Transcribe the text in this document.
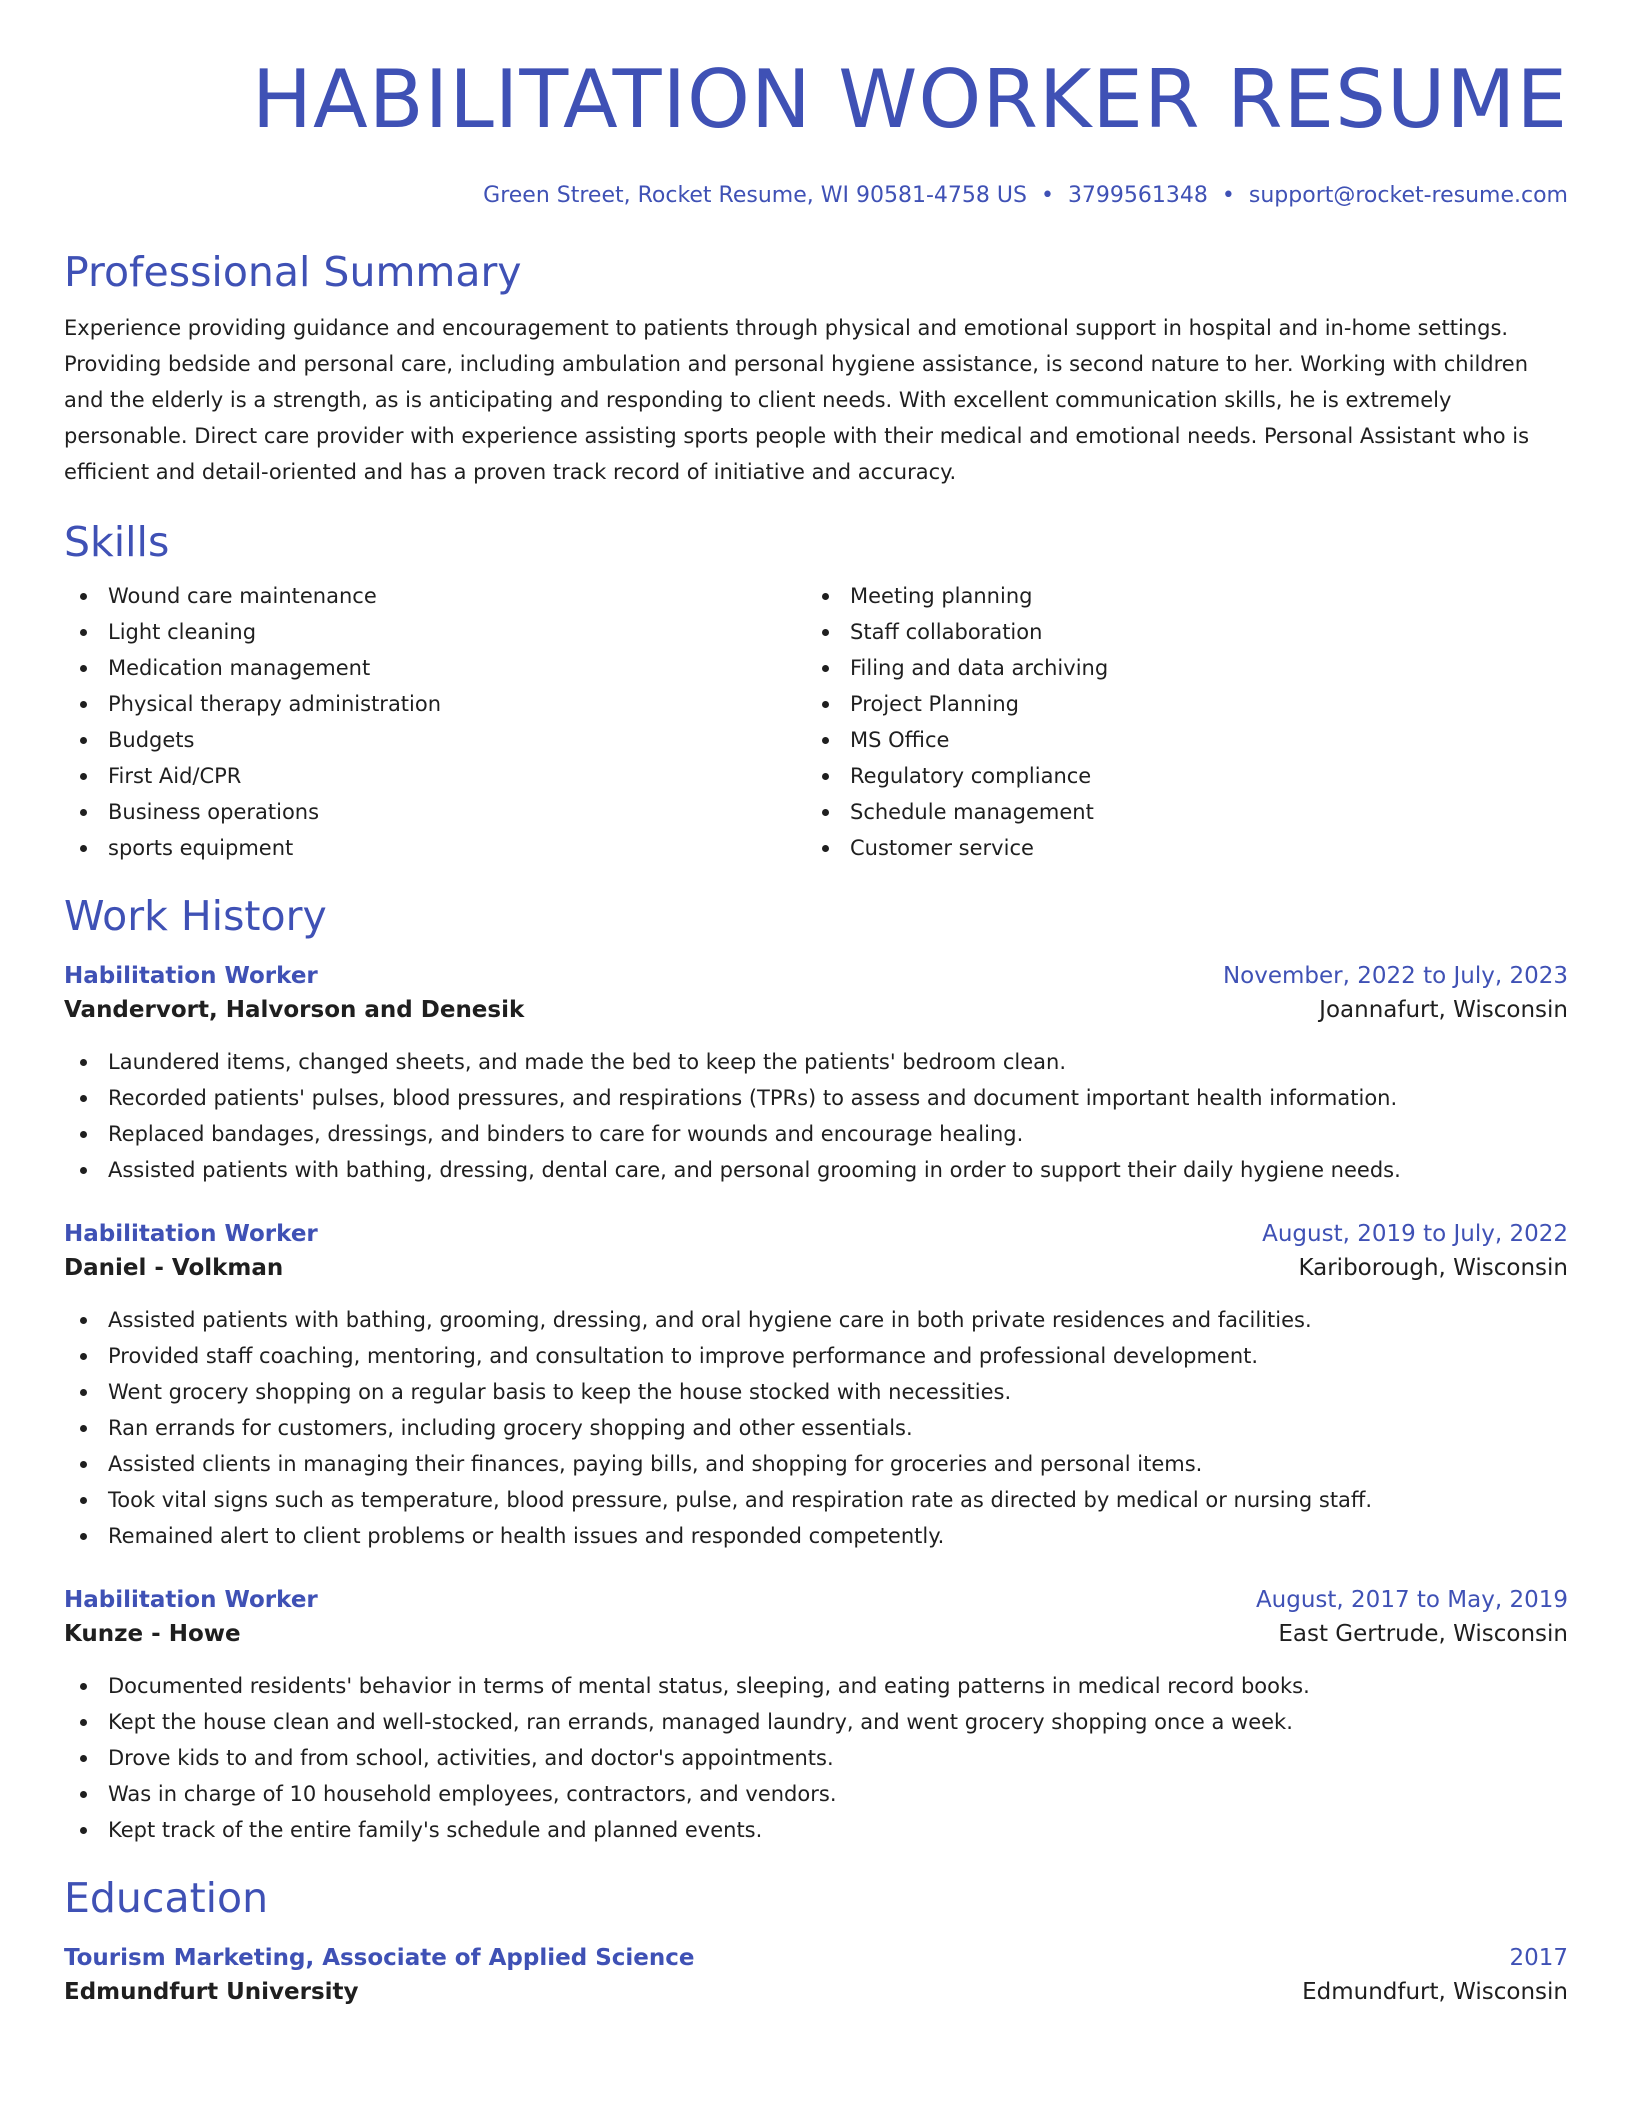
HABILITATION WORKER RESUME
Green Street, Rocket Resume, WI 90581-4758 US • 3799561348 • support@rocket-resume.com
Professional Summary

Experience providing guidance and encouragement to patients through physical and emotional support in hospital and in-home settings. Providing bedside and personal care, including ambulation and personal hygiene assistance, is second nature to her. Working with children and the elderly is a strength, as is anticipating and responding to client needs. With excellent communication skills, he is extremely personable. Direct care provider with experience assisting sports people with their medical and emotional needs. Personal Assistant who is efficient and detail-oriented and has a proven track record of initiative and accuracy.

Skills
Wound care maintenance
Light cleaning
Medication management
Physical therapy administration
Budgets
First Aid/CPR
Business operations
sports equipment
Meeting planning
Staff collaboration
Filing and data archiving
Project Planning
MS Office
Regulatory compliance
Schedule management
Customer service
Work History
Habilitation Worker	November, 2022 to July, 2023
Vandervort, Halvorson and Denesik	Joannafurt, Wisconsin
Laundered items, changed sheets, and made the bed to keep the patients' bedroom clean.
Recorded patients' pulses, blood pressures, and respirations (TPRs) to assess and document important health information.
Replaced bandages, dressings, and binders to care for wounds and encourage healing.
Assisted patients with bathing, dressing, dental care, and personal grooming in order to support their daily hygiene needs.
Habilitation Worker	August, 2019 to July, 2022
Daniel - Volkman	Kariborough, Wisconsin
Assisted patients with bathing, grooming, dressing, and oral hygiene care in both private residences and facilities.
Provided staff coaching, mentoring, and consultation to improve performance and professional development.
Went grocery shopping on a regular basis to keep the house stocked with necessities.
Ran errands for customers, including grocery shopping and other essentials.
Assisted clients in managing their finances, paying bills, and shopping for groceries and personal items.
Took vital signs such as temperature, blood pressure, pulse, and respiration rate as directed by medical or nursing staff.
Remained alert to client problems or health issues and responded competently.
Habilitation Worker	August, 2017 to May, 2019
Kunze - Howe	East Gertrude, Wisconsin
Documented residents' behavior in terms of mental status, sleeping, and eating patterns in medical record books.
Kept the house clean and well-stocked, ran errands, managed laundry, and went grocery shopping once a week.
Drove kids to and from school, activities, and doctor's appointments.
Was in charge of 10 household employees, contractors, and vendors.
Kept track of the entire family's schedule and planned events.
Education
Tourism Marketing, Associate of Applied Science	2017
Edmundfurt University	Edmundfurt, Wisconsin
